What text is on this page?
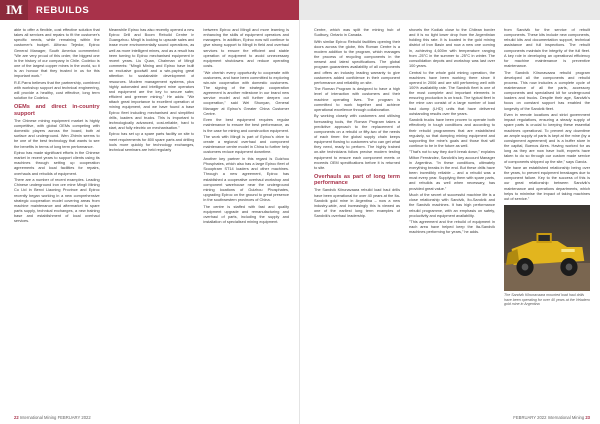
IM	REBUILDS

able to offer a flexible, cost effective solution that takes all services and repairs to fit the customer's specific needs, while remaining within the customer's budget. Alfonso Tejedor, Epiroc General Manager, South America commented: "We are very proud of this order, the biggest one in the history of our company in Chile. Codelco is one of the largest copper mines in the world, so it is an honour that they trusted in us for this important work."

R.E.Parra believes that the partnership, combined with workshop support and technical engineering, will provide a healthy, cost effective, long term solution for Codelco.

OEMs and direct in-country support

The Chinese mining equipment market is highly competitive, with global OEMs competing with domestic players across the board, both at surface and underground. Wen Zhimin seems to be one of the best technology that wants to see the benefits in terms of long term performance.

Epiroc has made significant efforts in the Chinese market in recent years to support clients using its machines through setting up cooperation agreements and local facilities for repairs, overhauls and rebuilds of equipment.

There are a number of recent examples. Leading Chinese underground iron ore mine Mingli Mining Co Ltd in Benxi Liaoning Province and Epiroc recently began working in a new comprehensive strategic cooperation model covering areas from machine maintenance and aftermarket to spare parts supply, technical exchanges, a new training base and establishment of local overhaul services.

Meanwhile Epiroc has also recently opened a new Epiroc Drill and Boom Rebuild Centre in Guangzhou. Mingli is looking to upscale sales and lease more environmentally sound operations, as well as more intelligent mines, and as a result has been turning to Epiroc mechanised equipment in recent years. Liu Quan, Chairman of Mingli comments: "Mingli Mining and Epiroc have built an exclusive goodwill and a win-paying great attention to sustainable development of resources. Modern management systems, plus highly automated and intelligent mine operators and equipment are the key to secure safer, efficient and greener mining." He adds: "We attach great importance to excellent operation of mining equipment, and we have found a base Epiroc fleet including mechanised and simplified drills, loaders and trucks. This is important to technologically advanced, cost-reliable, hard to start, and fully electric on mechanisation."

Epiroc has set up a spare parts facility on site to meet requirements for 800 spare parts and drilling tools more quickly for technology exchanges, technical seminars are held regularly

between Epiroc and Mingli and more learning is enhancing the skills of equipment operators and managers. In addition, Epiroc now will continue to give strong support to Mingli in field and overhaul services to ensure the efficient and stable operation of equipment to avoid unnecessary equipment shutdowns and reduce operating costs.

"We cherish every opportunity to cooperate with customers, and have been committed to exploring win-win cooperation with domestic customers. The signing of the strategic cooperation agreement is another milestone in our brand new service model and will further deepen our cooperation," said Wei Shunyan, General Manager at Epiroc's Greater China Customer Centre.

Even the best equipment requires regular maintenance to ensure the best performance, as is the case for mining and construction equipment.

The work with Mingli is part of Epiroc's drive to create a regional overhaul and component maintenance centre model in China to further help customers reduce equipment downtime.

Another key partner in this regard is Guizhou Phosphates, which also has a large Epiroc fleet of Scooptram ST14 loaders and other machines. Through a new agreement, Epiroc has established a cooperative overhaul workshop and component warehouse near the underground mining locations of Guizhou Phosphates, upgrading Epiroc on the ground to great presence in the southwestern provinces of China.

The centre is staffed with fast and quality equipment upgrade and remanufacturing and overhaul of parts, including the supply and installation of specialised mining equipment.

22 International Mining FEBRUARY 2022

Centre, which was split the mining hub of Sudbury, Ontario in Canada.

With similar Epiroc Rebuild facilities opening their doors across the globe, this Roman Centre is a modern addition to the program, which manages the process of recycling components in the newest and latest specifications. The global program guarantees availability of all components and offers an industry leading warranty to give customers added confidence in their component performance and reliability on site.

The Roman Program is designed to have a high level of interaction with customers and their machine operating lives. The program is committed to work together and achieve operational excellence through collaboration.

By working closely with customers and utilising forecasting tools, the Roman Program takes a predictive approach to the replacement of components on a rebuild or fifty-two of the needs of each timer: the global supply chain keeps equipment flowing to customers who can get what they need, ready to perform. The highly trained on-site technicians follow precise modern testing equipment to ensure each component meets or exceeds OEM specifications before it is returned to site.

Overhauls as part of long term performance

The Sandvik Kiirunavaara rebuild load haul drills have been operational for over 40 years at the Ita-Sandvik gold mine in Argentina – now a new industry-wide, and increasingly this is viewed as one of the earliest long term examples of Sandvik's overhaul leadership.

shovels the Kodiak close to the Chilean border and it is no light lower drop from the Argentinian holding this rate. It is located in the gold mining district of Iron Basin and now a new one coming in, achieving 4,600m with temperature ranging from -25°C in the summer to -25°C in winter. The consolidation depots and workshop was last over 100 years.

Central to the whole gold mining operation, the machines have been working there since it opened in 2006 and are still performing well with 100% availability rate. The Sandvik fleet is one of the most complete and important elements in ensuring production is on track. The typical fleet in the mine can consist of a large number of load haul dump (LHD) units that have delivered outstanding results over the years.

Sandvik trucks have been proven to operate both effectively in tough conditions and according to their rebuild programmes that are established regularly, so that dumping mining equipment and supporting the mine's goals and those that will continue to be in the future as well.

"That's not to say they don't break down," explains Milton Fernández, Sandvik's key account Manager in Argentina. "In these conditions, ultimately everything breaks in the end. But these drills have been incredibly reliable – and a rebuild was a must every year. Supplying them with spare parts, and rebuilds as well when necessary, has provided great value."

Much of the secret of successful machine life is a close relationship with Sandvik, Ito-Sandvik and the Sandvik machines. It has high performance rebuild programme, with an emphasis on safety, productivity and equipment availability.

"This agreement and the rebuild of equipment in each area have helped keep the Ita-Sandvik machines performing for years," he adds.

from Sandvik for the service of rebuilt components. These kits include new components, rebuild kits and documentation support, technical assistance and full inspections. The rebuilt components maintain the integrity of the full fleet. A key role in developing an operational efficiency for machine maintenance is preventive maintenance.

The Sandvik Kiirunavaara rebuild program developed all the components and rebuild process. This now includes a complete cycle of maintenance of all the parts, accessory components and specialised kit for underground loaders and trucks. Despite their age, Sandvik's focus on constant support has enabled the longevity of the Sandvik fleet.

Even in remote locations and strict government impact regulations, ensuring a steady supply of spare parts is crucial to keeping these essential machines operational. To prevent any downtime an ample supply of parts is kept at the mine (by a consignment agreement) and is a buffer store in the capital, Buenos Aires. Having worked for as long as they are now have built, experts have taken to do so through our custom made service of components shipped up the site," says Garcia.

"We have an established relationship being over the years, to prevent equipment breakages due to component failure. Key to the success of this is our great relationship between Sandvik's maintenance and operations departments, which helps to minimise the impact of taking machines out of service."

The Sandvik Kiirunavaara mounted load haul drills have been operating for over 40 years at the Veladero gold mine in Argentina
FEBRUARY 2022 International Mining 23
